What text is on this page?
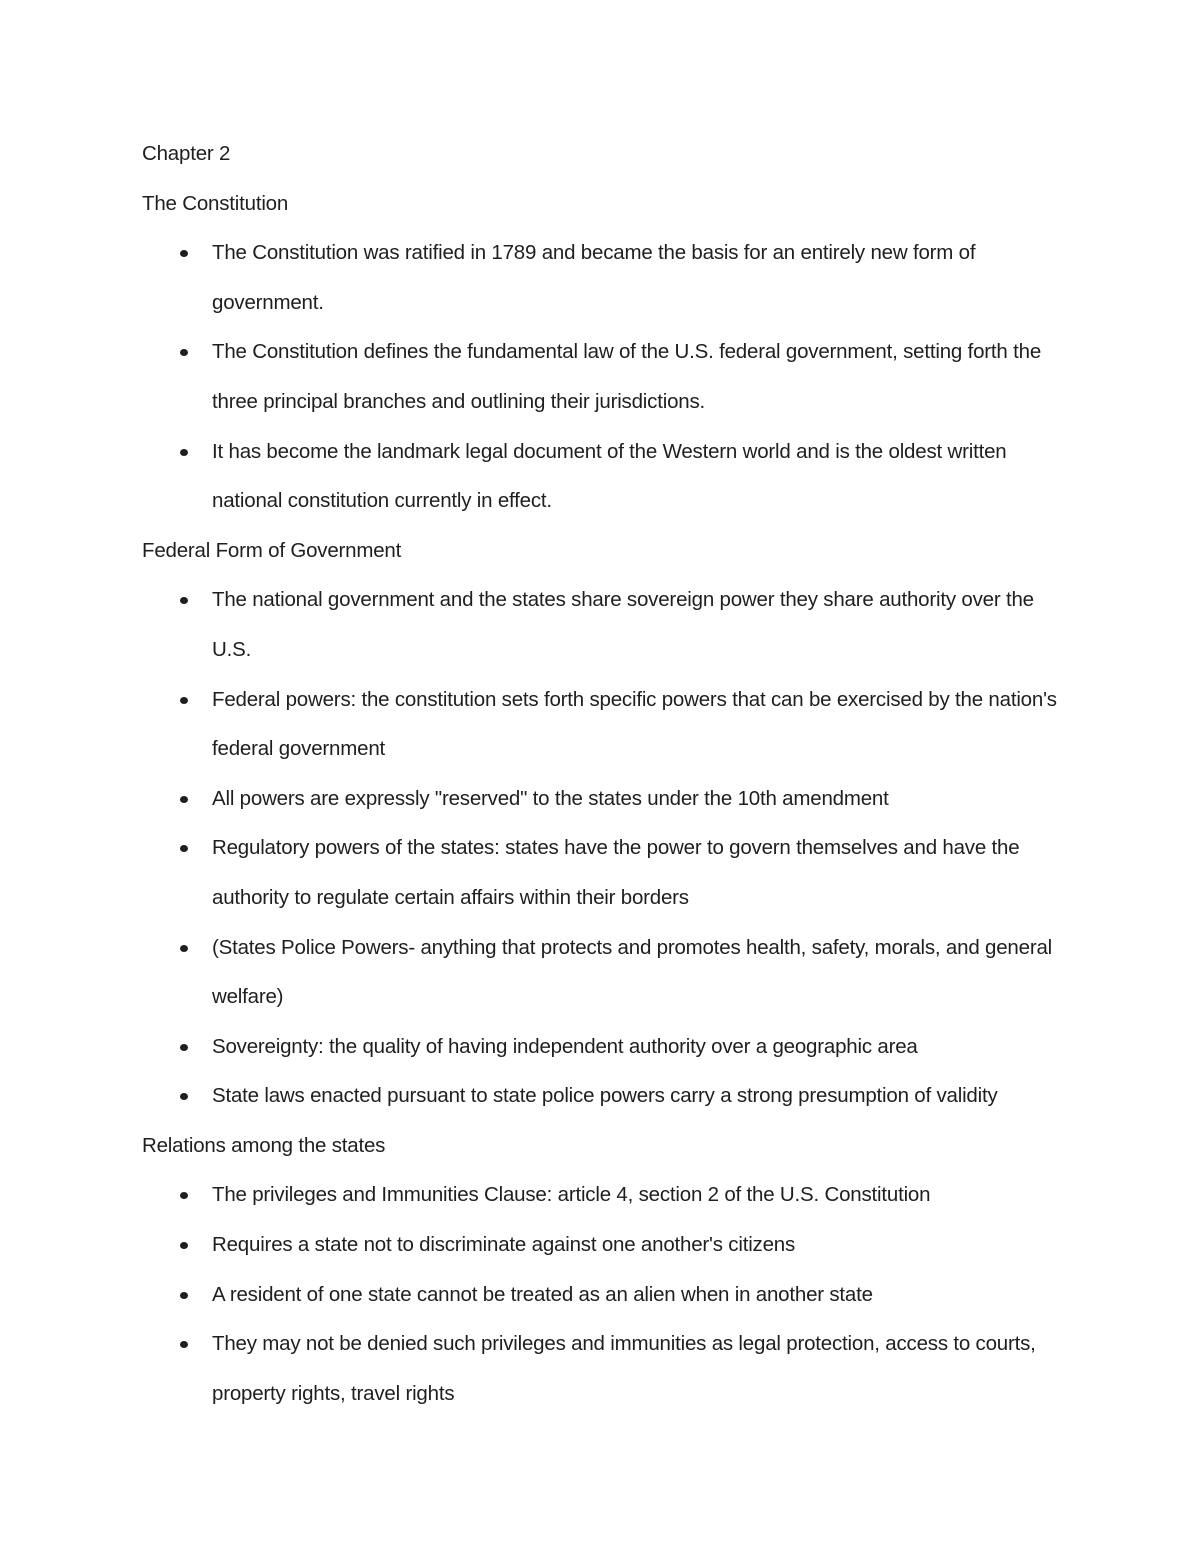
Chapter 2
The Constitution
The Constitution was ratified in 1789 and became the basis for an entirely new form of government.
The Constitution defines the fundamental law of the U.S. federal government, setting forth the three principal branches and outlining their jurisdictions.
It has become the landmark legal document of the Western world and is the oldest written national constitution currently in effect.
Federal Form of Government
The national government and the states share sovereign power they share authority over the U.S.
Federal powers: the constitution sets forth specific powers that can be exercised by the nation's federal government
All powers are expressly "reserved" to the states under the 10th amendment
Regulatory powers of the states: states have the power to govern themselves and have the authority to regulate certain affairs within their borders
(States Police Powers- anything that protects and promotes health, safety, morals, and general welfare)
Sovereignty: the quality of having independent authority over a geographic area
State laws enacted pursuant to state police powers carry a strong presumption of validity
Relations among the states
The privileges and Immunities Clause: article 4, section 2 of the U.S. Constitution
Requires a state not to discriminate against one another's citizens
A resident of one state cannot be treated as an alien when in another state
They may not be denied such privileges and immunities as legal protection, access to courts, property rights, travel rights
